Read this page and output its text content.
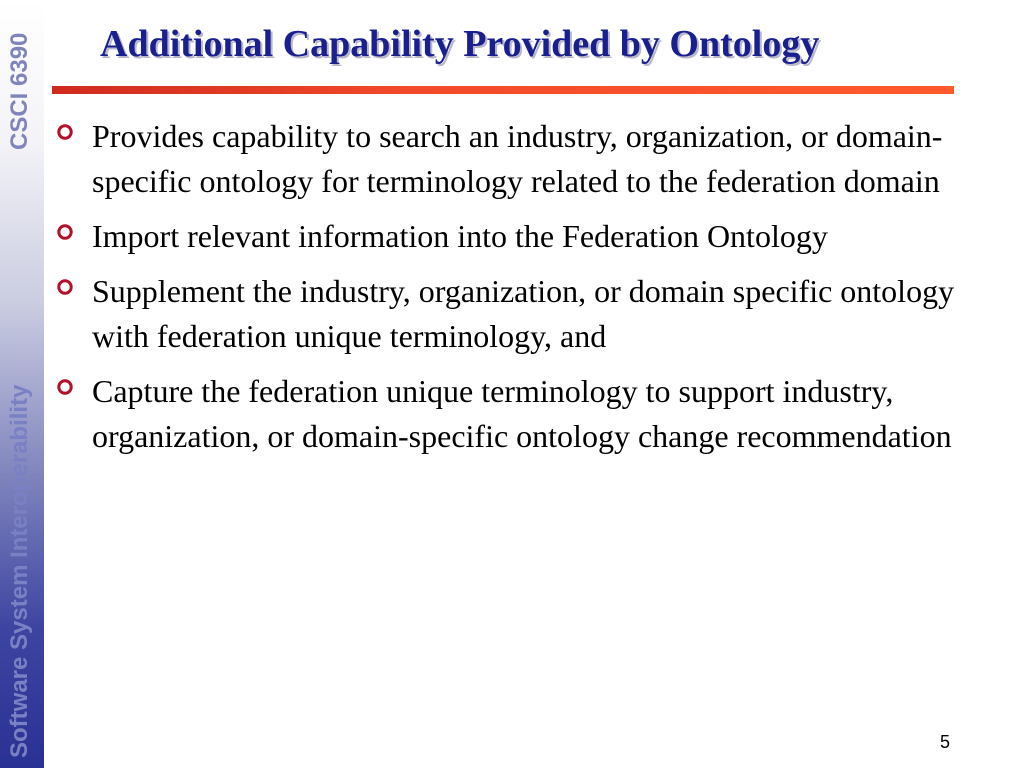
CSCI 6390
Software System Interoperability
Additional Capability Provided by Ontology
Provides capability to search an industry, organization, or domain-specific ontology for terminology related to the federation domain
Import relevant information into the Federation Ontology
Supplement the industry, organization, or domain specific ontology with federation unique terminology, and
Capture the federation unique terminology to support industry, organization, or domain-specific ontology change recommendation
5
